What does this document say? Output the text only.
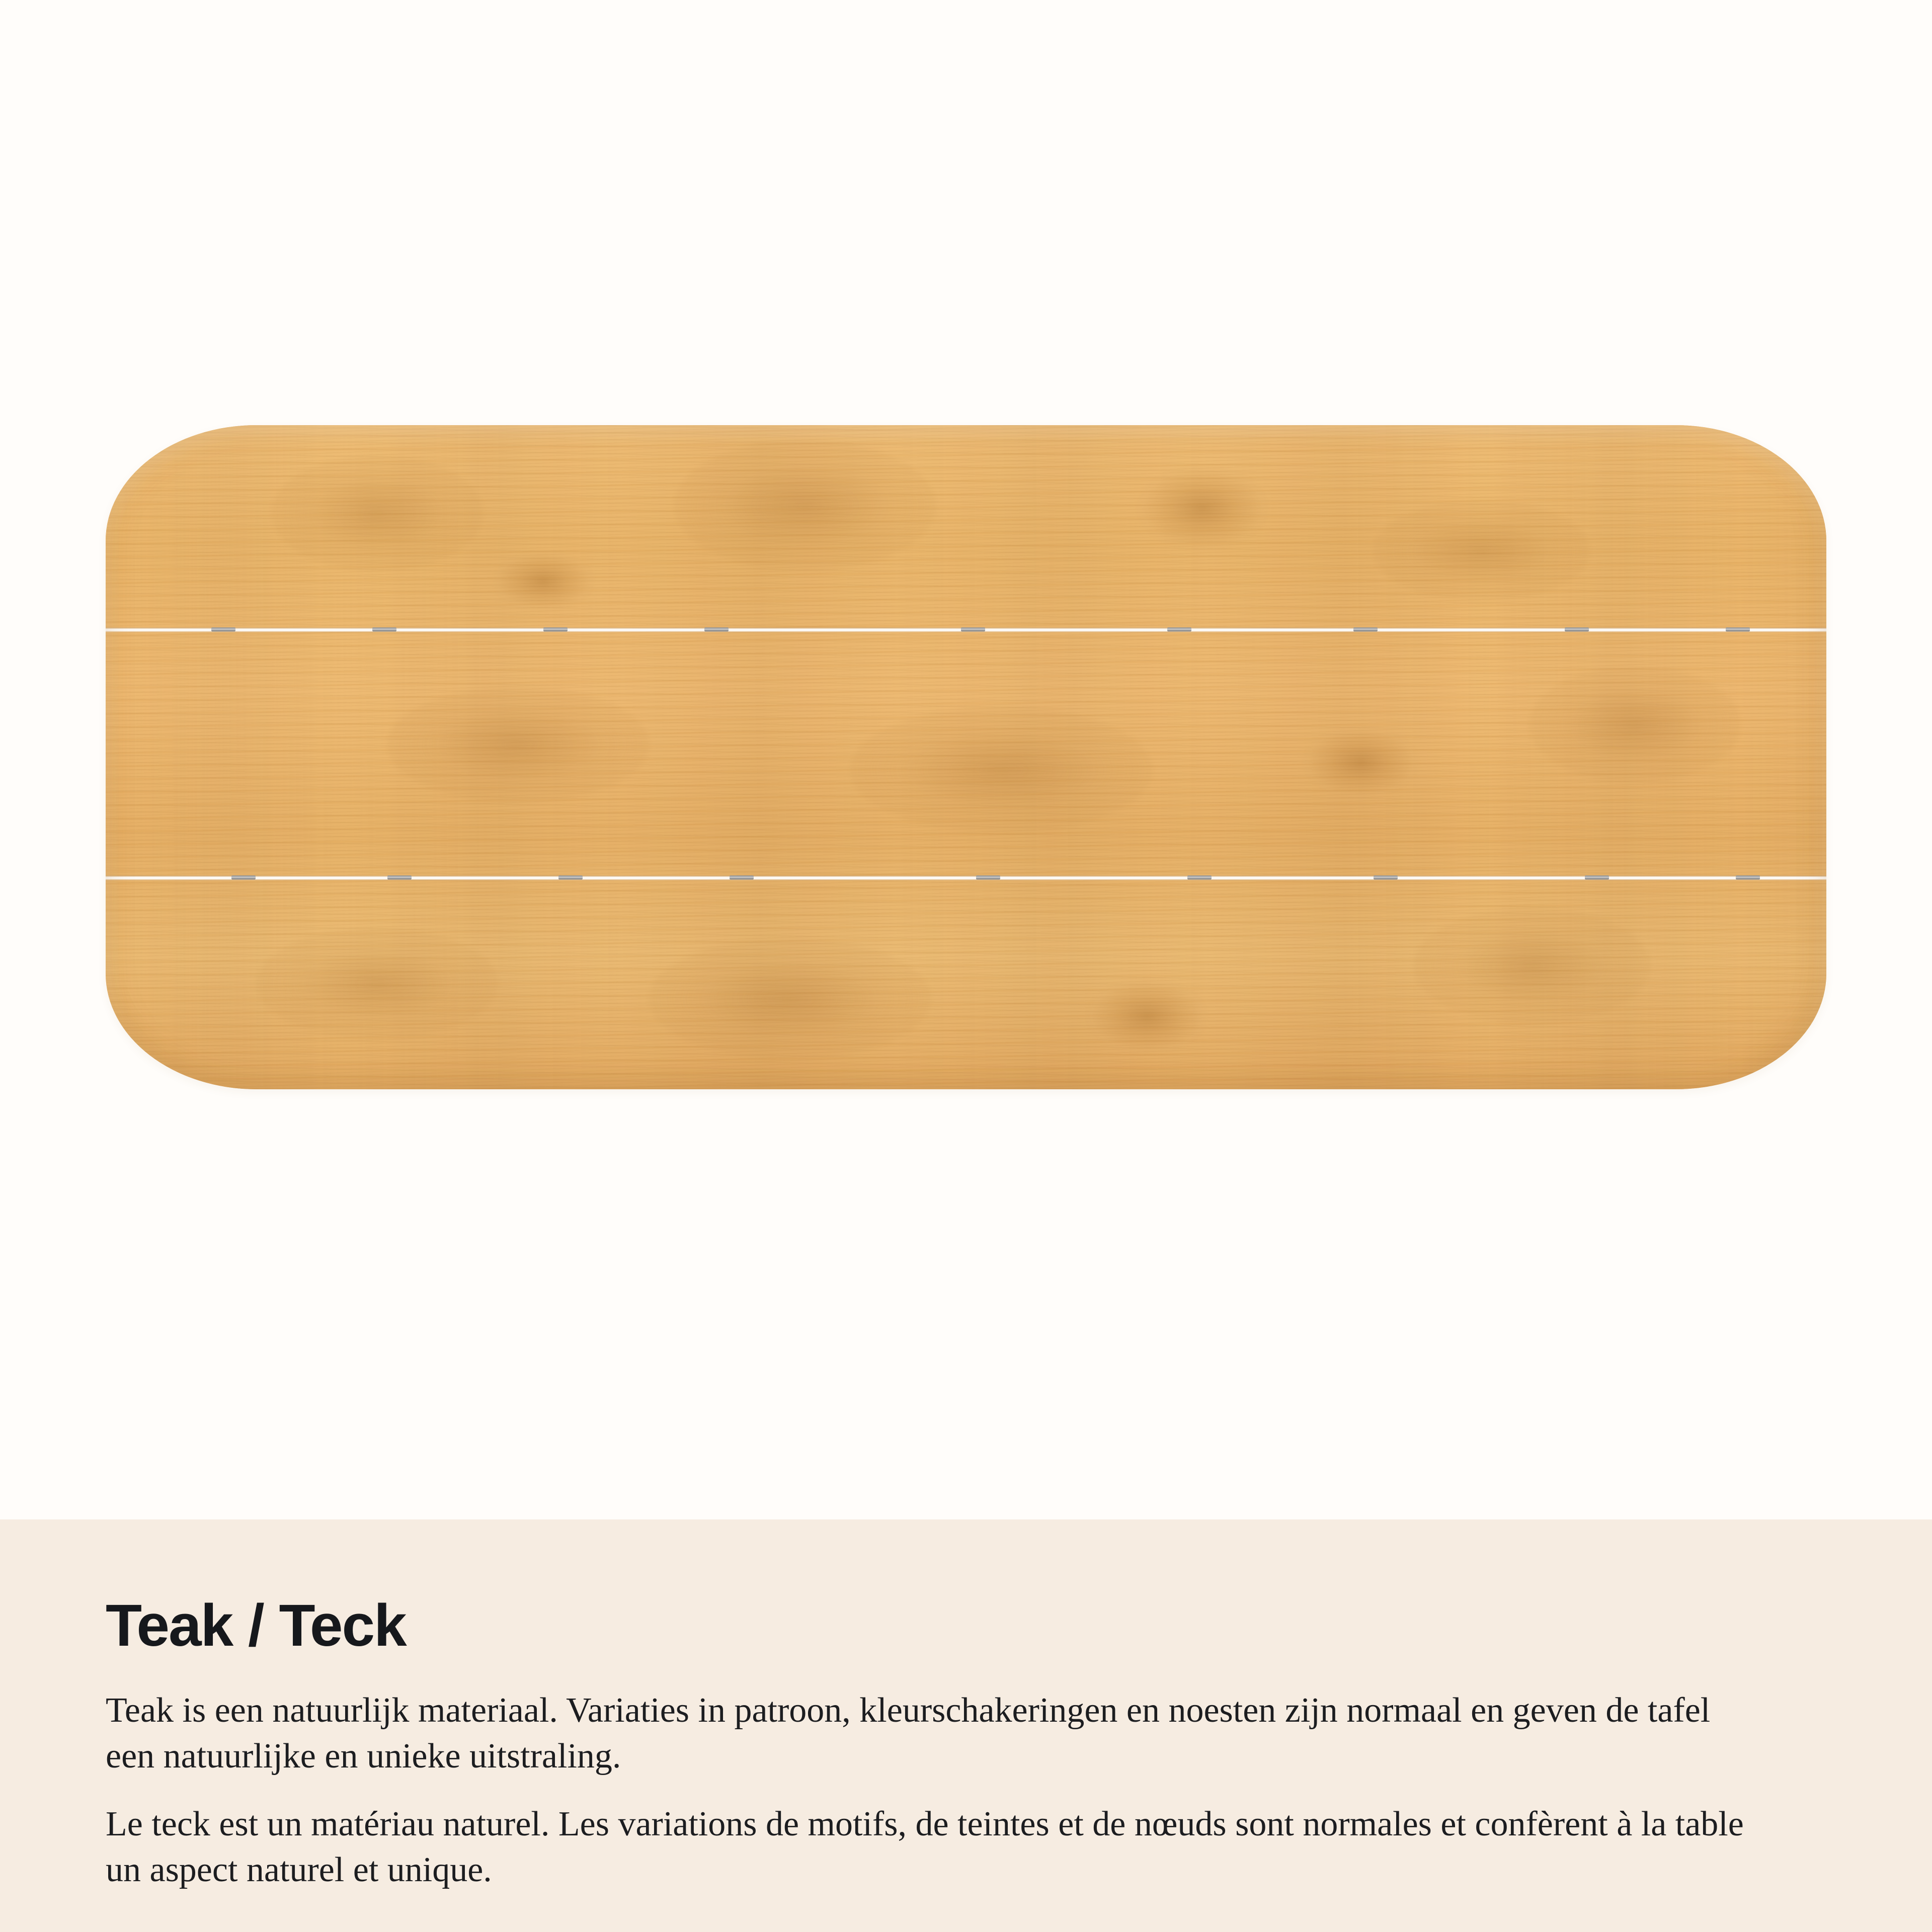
Teak / Teck

Teak is een natuurlijk materiaal. Variaties in patroon, kleurschakeringen en noesten zijn normaal en geven de tafel een natuurlijke en unieke uitstraling.

Le teck est un matériau naturel. Les variations de motifs, de teintes et de nœuds sont normales et confèrent à la table un aspect naturel et unique.
